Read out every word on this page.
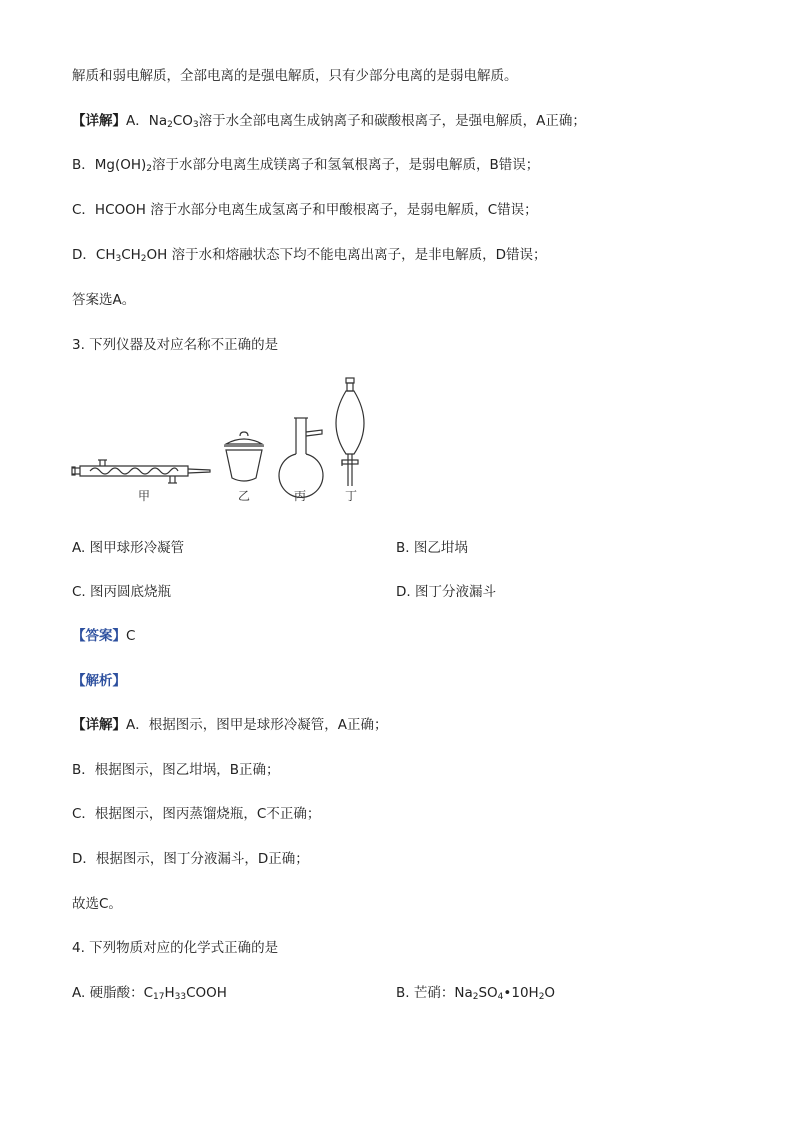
解质和弱电解质，全部电离的是强电解质，只有少部分电离的是弱电解质。
【详解】A．$Na_2CO_3$溶于水全部电离生成钠离子和碳酸根离子，是强电解质，A正确；
B．$Mg(OH)_2$溶于水部分电离生成镁离子和氢氧根离子，是弱电解质，B错误；
C．HCOOH 溶于水部分电离生成氢离子和甲酸根离子，是弱电解质，C错误；
D．$CH_3CH_2OH$ 溶于水和熔融状态下均不能电离出离子，是非电解质，D错误；
答案选A。
3. 下列仪器及对应名称不正确的是
甲	乙	丙	丁
A. 图甲球形冷凝管	B. 图乙坩埚
C. 图丙圆底烧瓶	D. 图丁分液漏斗
【答案】C
【解析】
【详解】A．根据图示，图甲是球形冷凝管，A正确；
B．根据图示，图乙坩埚，B正确；
C．根据图示，图丙蒸馏烧瓶，C不正确；
D．根据图示，图丁分液漏斗，D正确；
故选C。
4. 下列物质对应的化学式正确的是
A. 硬脂酸：$C_{17}H_{33}COOH$	B. 芒硝：$Na_2SO_4•10H_2O$
